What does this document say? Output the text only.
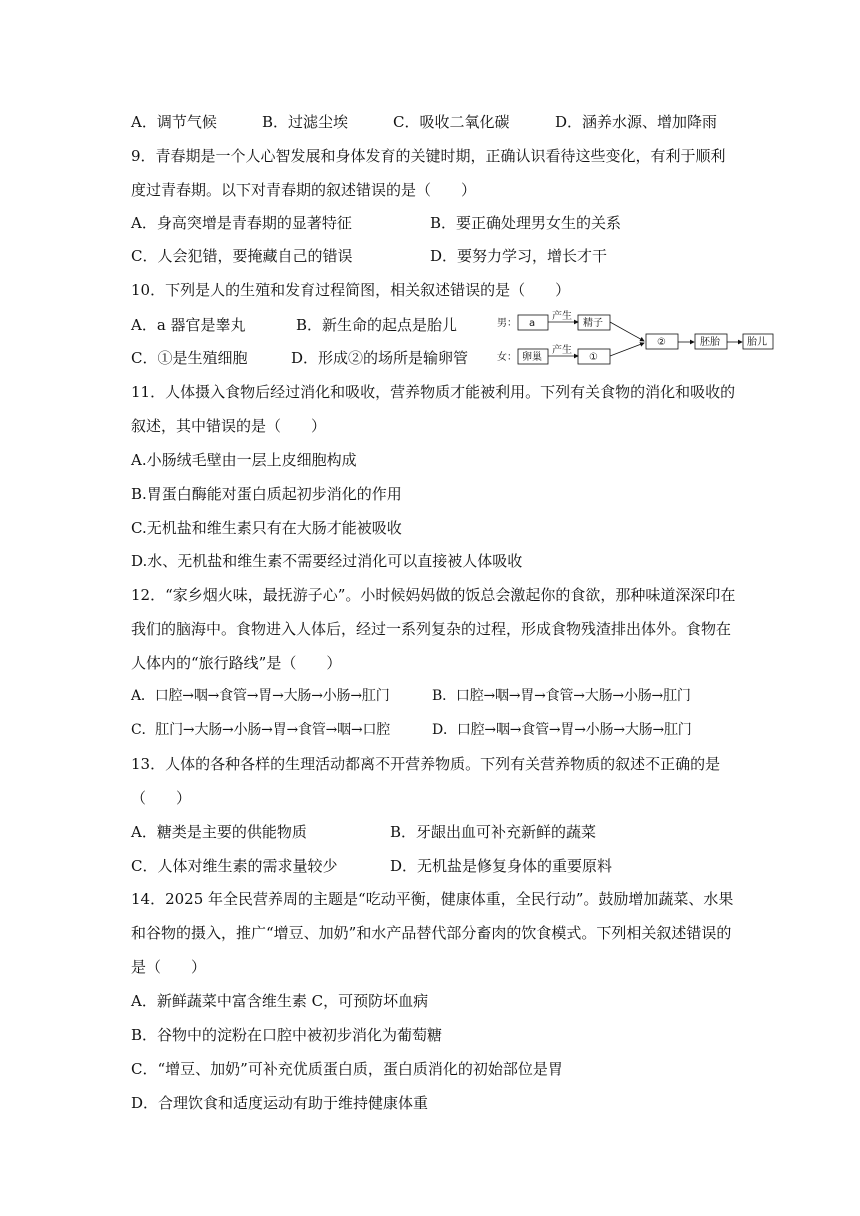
A．调节气候	B．过滤尘埃	C．吸收二氧化碳	D．涵养水源、增加降雨
9．青春期是一个人心智发展和身体发育的关键时期，正确认识看待这些变化，有利于顺利
度过青春期。以下对青春期的叙述错误的是（　　）
A．身高突增是青春期的显著特征	B．要正确处理男女生的关系
C．人会犯错，要掩藏自己的错误	D．要努力学习，增长才干
10．下列是人的生殖和发育过程简图，相关叙述错误的是（　　）
A．a 器官是睾丸	B．新生命的起点是胎儿
C．①是生殖细胞	D．形成②的场所是输卵管
男： a
产生
精子
女： 卵巢
产生
①
②	胚胎	胎儿
11．人体摄入食物后经过消化和吸收，营养物质才能被利用。下列有关食物的消化和吸收的
叙述，其中错误的是（　　）
A.小肠绒毛壁由一层上皮细胞构成
B.胃蛋白酶能对蛋白质起初步消化的作用
C.无机盐和维生素只有在大肠才能被吸收
D.水、无机盐和维生素不需要经过消化可以直接被人体吸收
12．“家乡烟火味，最抚游子心”。小时候妈妈做的饭总会激起你的食欲，那种味道深深印在
我们的脑海中。食物进入人体后，经过一系列复杂的过程，形成食物残渣排出体外。食物在
人体内的“旅行路线”是（　　）
A．口腔→咽→食管→胃→大肠→小肠→肛门	B．口腔→咽→胃→食管→大肠→小肠→肛门
C．肛门→大肠→小肠→胃→食管→咽→口腔	D．口腔→咽→食管→胃→小肠→大肠→肛门
13．人体的各种各样的生理活动都离不开营养物质。下列有关营养物质的叙述不正确的是
（　　）
A．糖类是主要的供能物质	B．牙龈出血可补充新鲜的蔬菜
C．人体对维生素的需求量较少	D．无机盐是修复身体的重要原料
14．2025 年全民营养周的主题是“吃动平衡，健康体重，全民行动”。鼓励增加蔬菜、水果
和谷物的摄入，推广“增豆、加奶”和水产品替代部分畜肉的饮食模式。下列相关叙述错误的
是（　　）
A．新鲜蔬菜中富含维生素 C，可预防坏血病
B．谷物中的淀粉在口腔中被初步消化为葡萄糖
C．“增豆、加奶”可补充优质蛋白质，蛋白质消化的初始部位是胃
D．合理饮食和适度运动有助于维持健康体重
